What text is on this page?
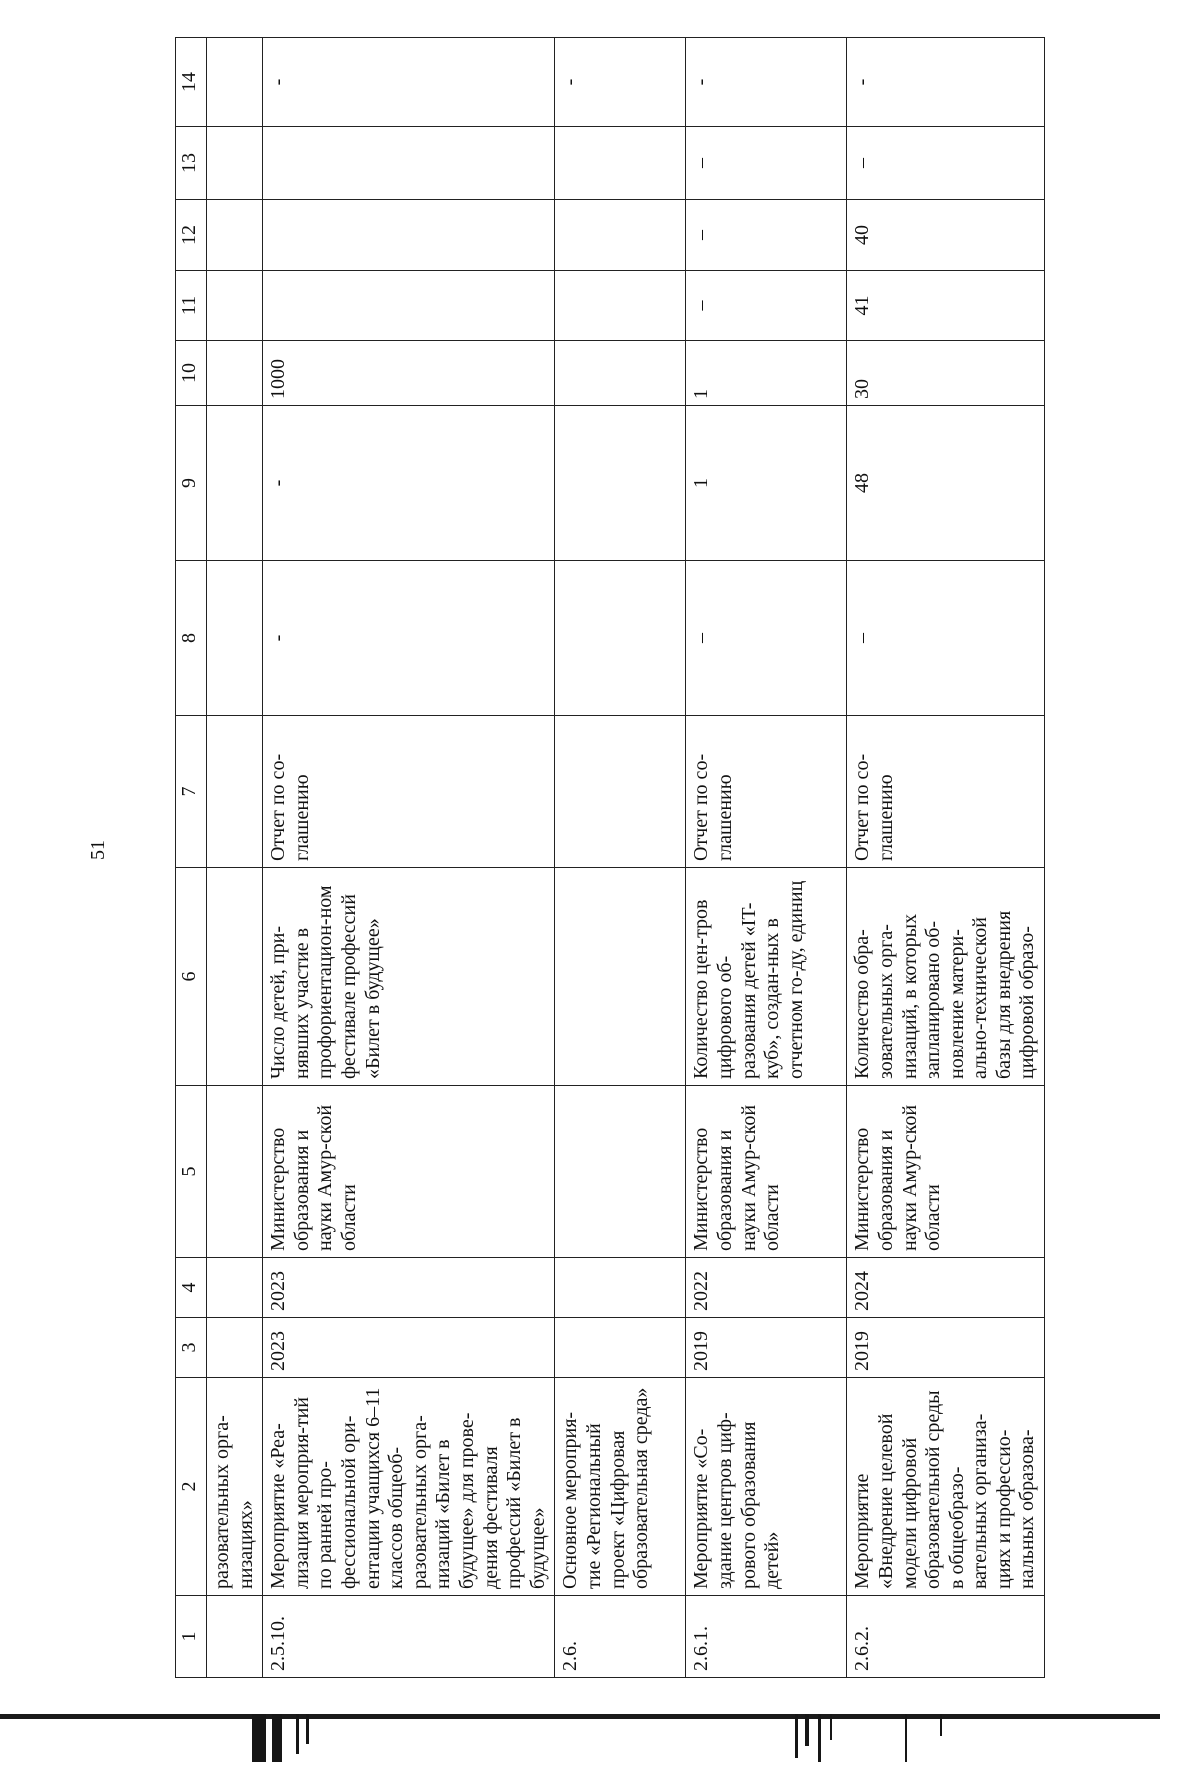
51
1	2	3	4	5	6	7	8	9	10	11	12	13	14
	разовательных орга-низациях»												
2.5.10.	Мероприятие «Реа-лизация мероприя-тий по ранней про-фессиональной ори-ентации учащихся 6–11 классов общеоб-разовательных орга-низаций «Билет в будущее» для прове-дения фестиваля профессий «Билет в будущее»	2023	2023	Министерство образования и науки Амур-ской области	Число детей, при-нявших участие в профориентацион-ном фестивале профессий «Билет в будущее»	Отчет по со-глашению	-	-	1000				-
2.6.	Основное мероприя-тие «Региональный проект «Цифровая образовательная среда»												-
2.6.1.	Мероприятие «Со-здание центров циф-рового образования детей»	2019	2022	Министерство образования и науки Амур-ской области	Количество цен-тров цифрового об-разования детей «IT-куб», создан-ных в отчетном го-ду, единиц	Отчет по со-глашению	–	1	1	–	–	–	-
2.6.2.	Мероприятие «Внедрение целевой модели цифровой образовательной среды в общеобразо-вательных организа-циях и профессио-нальных образова-	2019	2024	Министерство образования и науки Амур-ской области	Количество обра-зовательных орга-низаций, в которых запланировано об-новление матери-ально-технической базы для внедрения цифровой образо-	Отчет по со-глашению	–	48	30	41	40	–	-
